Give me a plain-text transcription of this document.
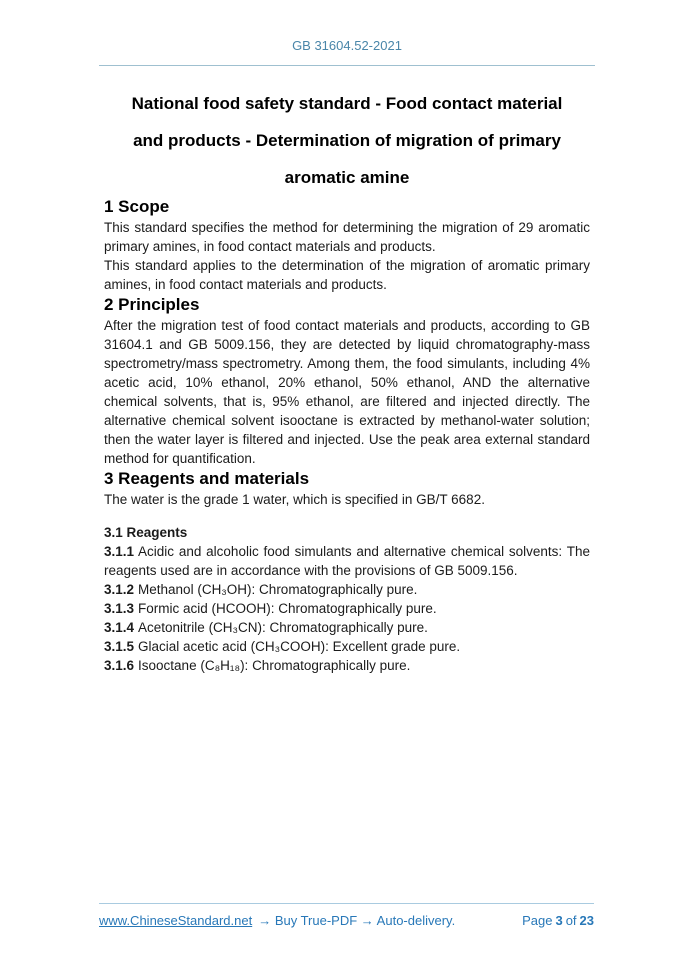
GB 31604.52-2021
National food safety standard - Food contact material
and products - Determination of migration of primary
aromatic amine
1 Scope

This standard specifies the method for determining the migration of 29 aromatic primary amines, in food contact materials and products.

This standard applies to the determination of the migration of aromatic primary amines, in food contact materials and products.

2 Principles

After the migration test of food contact materials and products, according to GB 31604.1 and GB 5009.156, they are detected by liquid chromatography-mass spectrometry/mass spectrometry. Among them, the food simulants, including 4% acetic acid, 10% ethanol, 20% ethanol, 50% ethanol, AND the alternative chemical solvents, that is, 95% ethanol, are filtered and injected directly. The alternative chemical solvent isooctane is extracted by methanol-water solution; then the water layer is filtered and injected. Use the peak area external standard method for quantification.

3 Reagents and materials

The water is the grade 1 water, which is specified in GB/T 6682.

3.1 Reagents

3.1.1 Acidic and alcoholic food simulants and alternative chemical solvents: The reagents used are in accordance with the provisions of GB 5009.156.

3.1.2 Methanol (CH₃OH): Chromatographically pure.

3.1.3 Formic acid (HCOOH): Chromatographically pure.

3.1.4 Acetonitrile (CH₃CN): Chromatographically pure.

3.1.5 Glacial acetic acid (CH₃COOH): Excellent grade pure.

3.1.6 Isooctane (C₈H₁₈): Chromatographically pure.

www.ChineseStandard.net → Buy True-PDF → Auto-delivery.	Page 3 of 23
